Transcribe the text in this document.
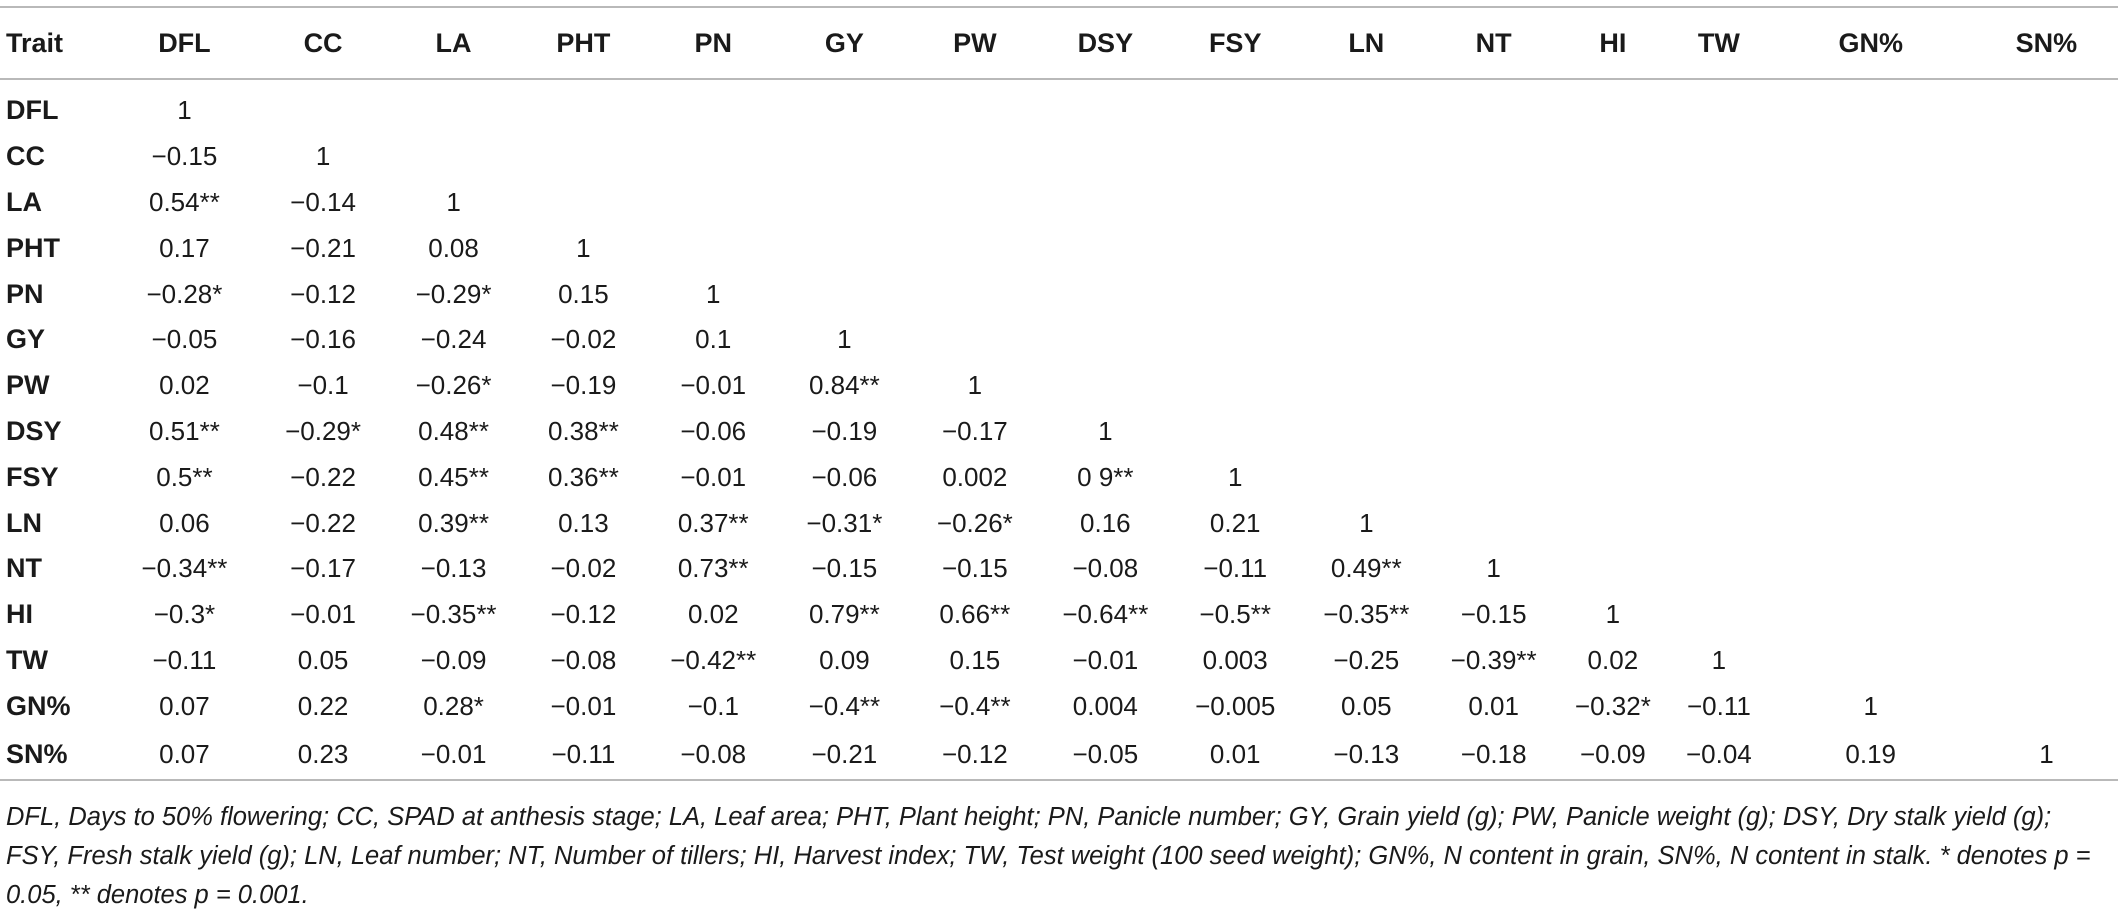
Trait	DFL	CC	LA	PHT	PN	GY	PW	DSY	FSY	LN	NT	HI	TW	GN%	SN%
DFL	1														
CC	−0.15	1													
LA	0.54**	−0.14	1												
PHT	0.17	−0.21	0.08	1											
PN	−0.28*	−0.12	−0.29*	0.15	1										
GY	−0.05	−0.16	−0.24	−0.02	0.1	1									
PW	0.02	−0.1	−0.26*	−0.19	−0.01	0.84**	1								
DSY	0.51**	−0.29*	0.48**	0.38**	−0.06	−0.19	−0.17	1							
FSY	0.5**	−0.22	0.45**	0.36**	−0.01	−0.06	0.002	0 9**	1						
LN	0.06	−0.22	0.39**	0.13	0.37**	−0.31*	−0.26*	0.16	0.21	1					
NT	−0.34**	−0.17	−0.13	−0.02	0.73**	−0.15	−0.15	−0.08	−0.11	0.49**	1				
HI	−0.3*	−0.01	−0.35**	−0.12	0.02	0.79**	0.66**	−0.64**	−0.5**	−0.35**	−0.15	1			
TW	−0.11	0.05	−0.09	−0.08	−0.42**	0.09	0.15	−0.01	0.003	−0.25	−0.39**	0.02	1		
GN%	0.07	0.22	0.28*	−0.01	−0.1	−0.4**	−0.4**	0.004	−0.005	0.05	0.01	−0.32*	−0.11	1	
SN%	0.07	0.23	−0.01	−0.11	−0.08	−0.21	−0.12	−0.05	0.01	−0.13	−0.18	−0.09	−0.04	0.19	1
DFL, Days to 50% flowering; CC, SPAD at anthesis stage; LA, Leaf area; PHT, Plant height; PN, Panicle number; GY, Grain yield (g); PW, Panicle weight (g); DSY, Dry stalk yield (g); FSY, Fresh stalk yield (g); LN, Leaf number; NT, Number of tillers; HI, Harvest index; TW, Test weight (100 seed weight); GN%, N content in grain, SN%, N content in stalk. * denotes p = 0.05, ** denotes p = 0.001.
